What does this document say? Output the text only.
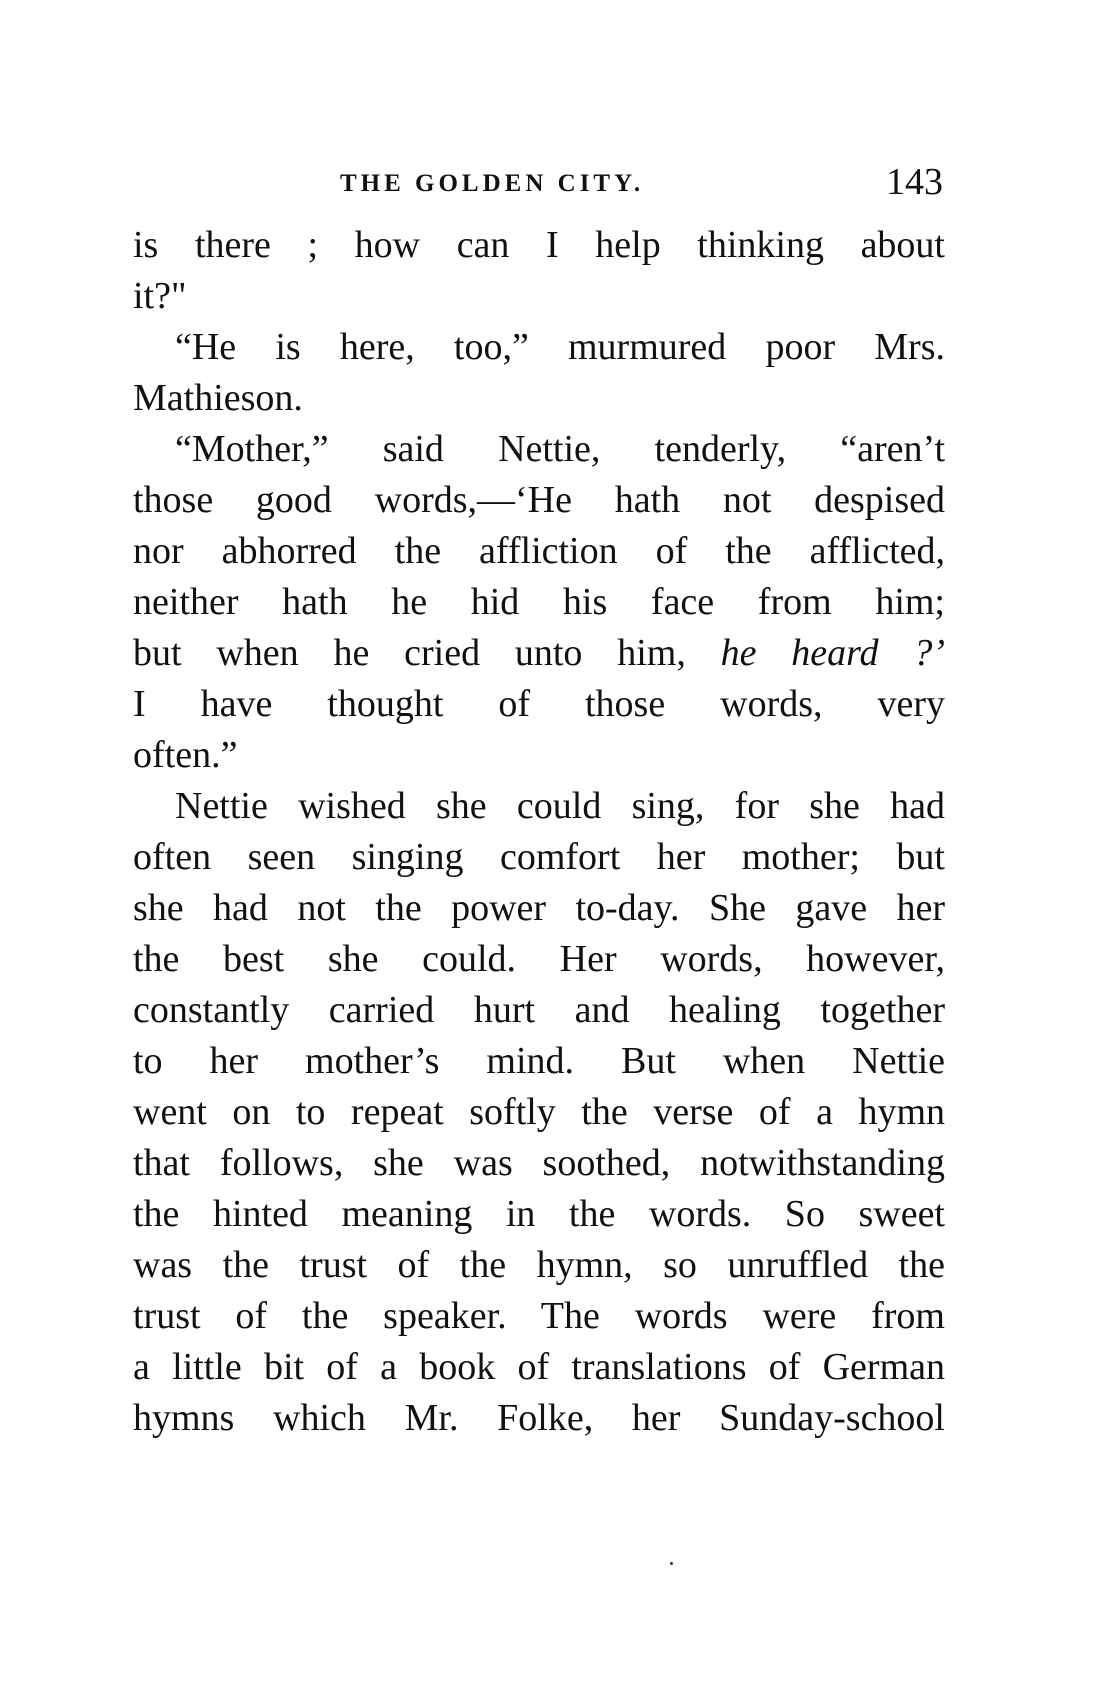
THE GOLDEN CITY.	143
is there ; how can I help thinking about
it?"
“He is here, too,” murmured poor Mrs.
Mathieson.
“Mother,” said Nettie, tenderly, “aren’t
those good words,—‘He hath not despised
nor abhorred the affliction of the afflicted,
neither hath he hid his face from him;
but when he cried unto him, he heard ?’
I have thought of those words, very
often.”
Nettie wished she could sing, for she had
often seen singing comfort her mother; but
she had not the power to-day. She gave her
the best she could. Her words, however,
constantly carried hurt and healing together
to her mother’s mind. But when Nettie
went on to repeat softly the verse of a hymn
that follows, she was soothed, notwithstanding
the hinted meaning in the words. So sweet
was the trust of the hymn, so unruffled the
trust of the speaker. The words were from
a little bit of a book of translations of German
hymns which Mr. Folke, her Sunday-school
